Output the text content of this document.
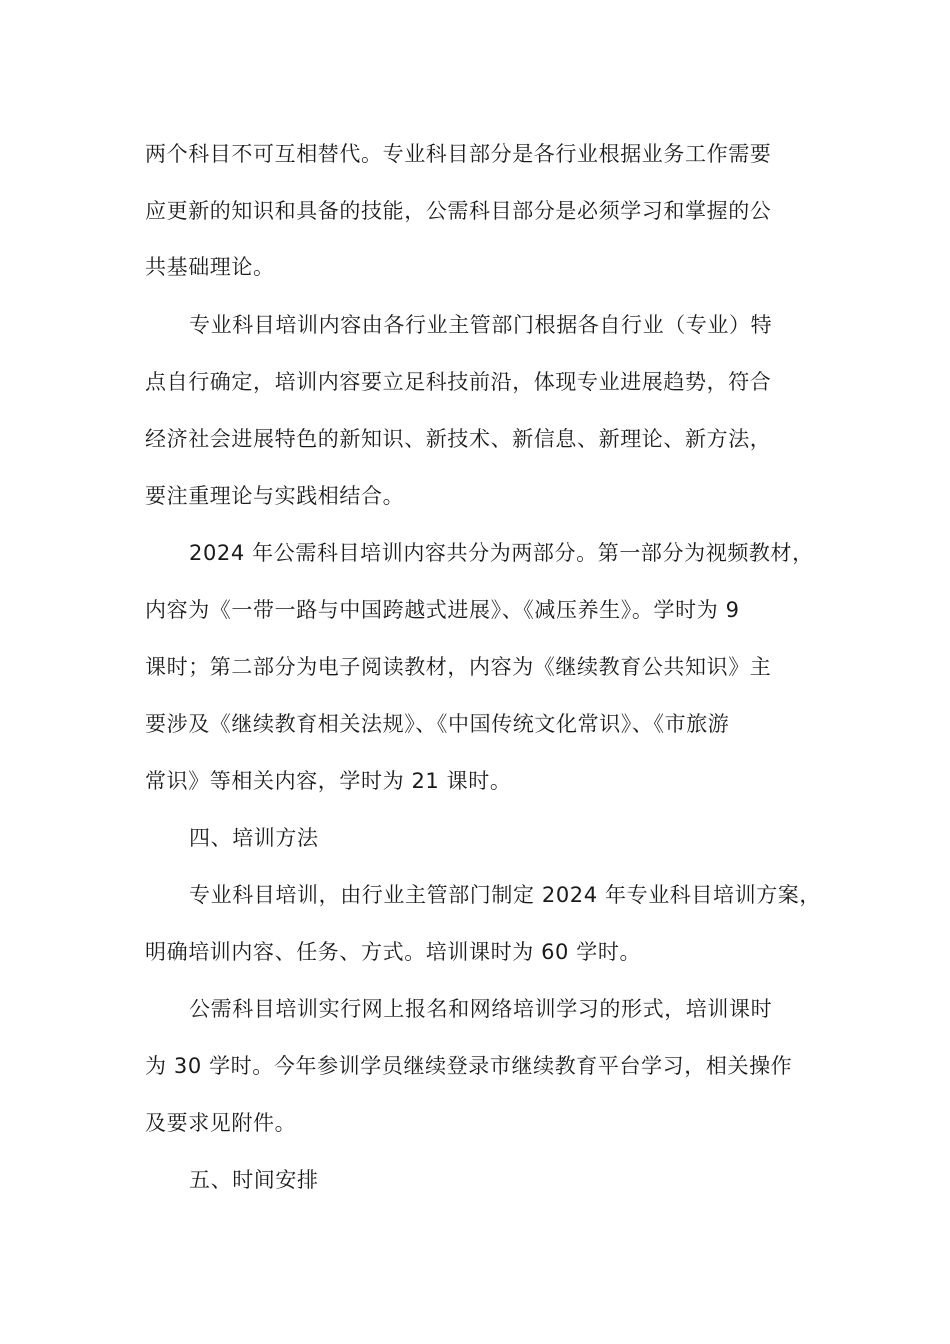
两个科目不可互相替代。专业科目部分是各行业根据业务工作需要
应更新的知识和具备的技能，公需科目部分是必须学习和掌握的公
共基础理论。
专业科目培训内容由各行业主管部门根据各自行业（专业）特
点自行确定，培训内容要立足科技前沿，体现专业进展趋势，符合
经济社会进展特色的新知识、新技术、新信息、新理论、新方法，
要注重理论与实践相结合。
2024 年公需科目培训内容共分为两部分。第一部分为视频教材，
内容为《一带一路与中国跨越式进展》、《减压养生》。学时为 9
课时；第二部分为电子阅读教材，内容为《继续教育公共知识》主
要涉及《继续教育相关法规》、《中国传统文化常识》、《市旅游
常识》等相关内容，学时为 21 课时。
四、培训方法
专业科目培训，由行业主管部门制定 2024 年专业科目培训方案，
明确培训内容、任务、方式。培训课时为 60 学时。
公需科目培训实行网上报名和网络培训学习的形式，培训课时
为 30 学时。今年参训学员继续登录市继续教育平台学习，相关操作
及要求见附件。
五、时间安排
